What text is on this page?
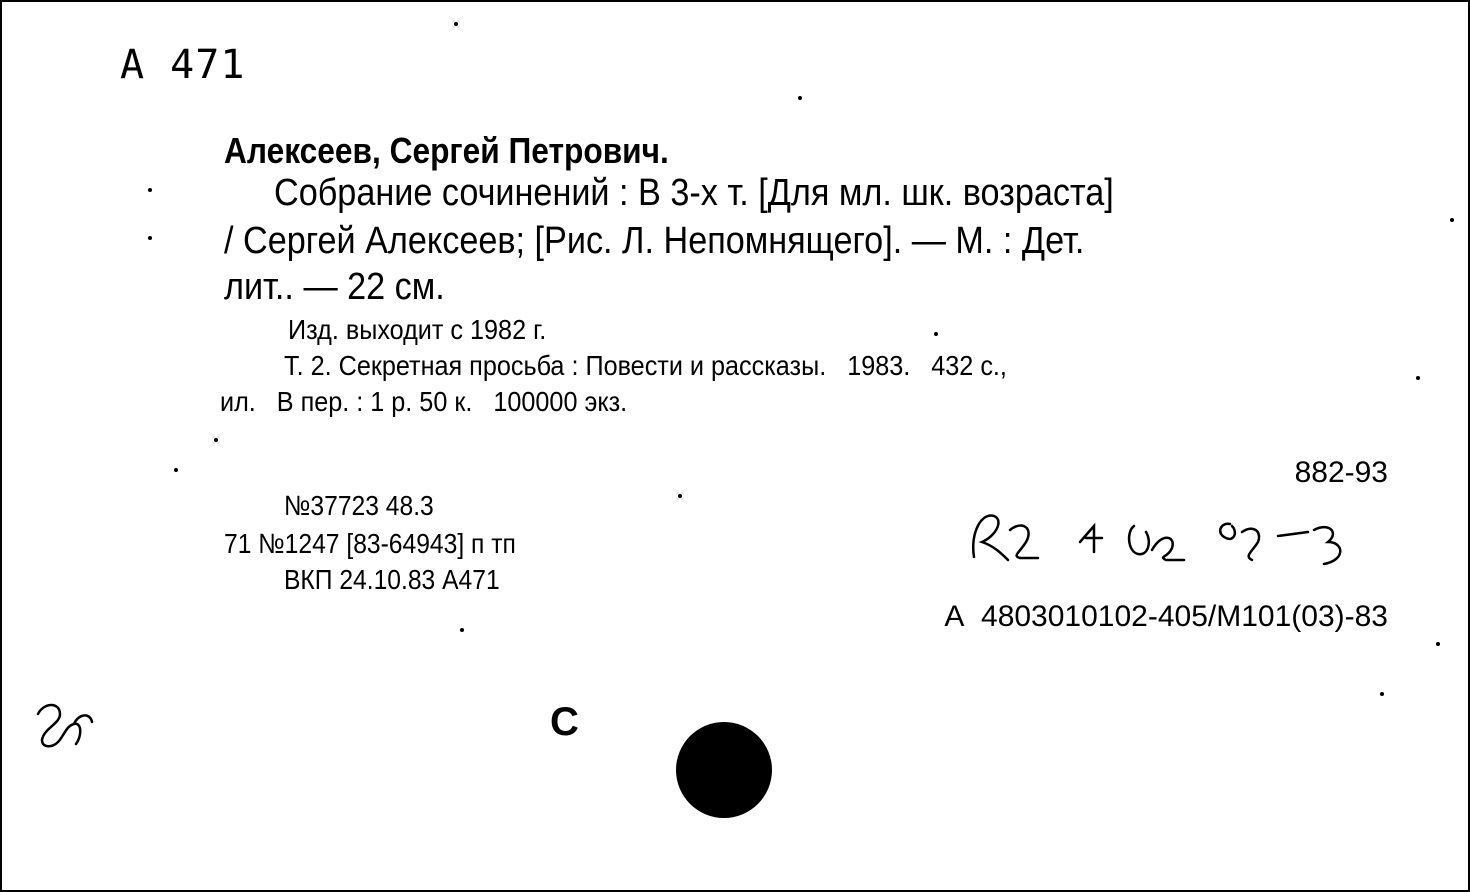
А 471
Алексеев, Сергей Петрович.
Собрание сочинений : В 3-х т. [Для мл. шк. возраста]
/ Сергей Алексеев; [Рис. Л. Непомнящего]. — М. : Дет.
лит.. — 22 см.
Изд. выходит с 1982 г.
Т. 2. Секретная просьба : Повести и рассказы.   1983.   432 с.,
ил.   В пер. : 1 р. 50 к.   100000 экз.
882-93
№37723 48.3
71 №1247 [83-64943] п тп
ВКП 24.10.83 А471
А  4803010102-405/М101(03)-83
С
